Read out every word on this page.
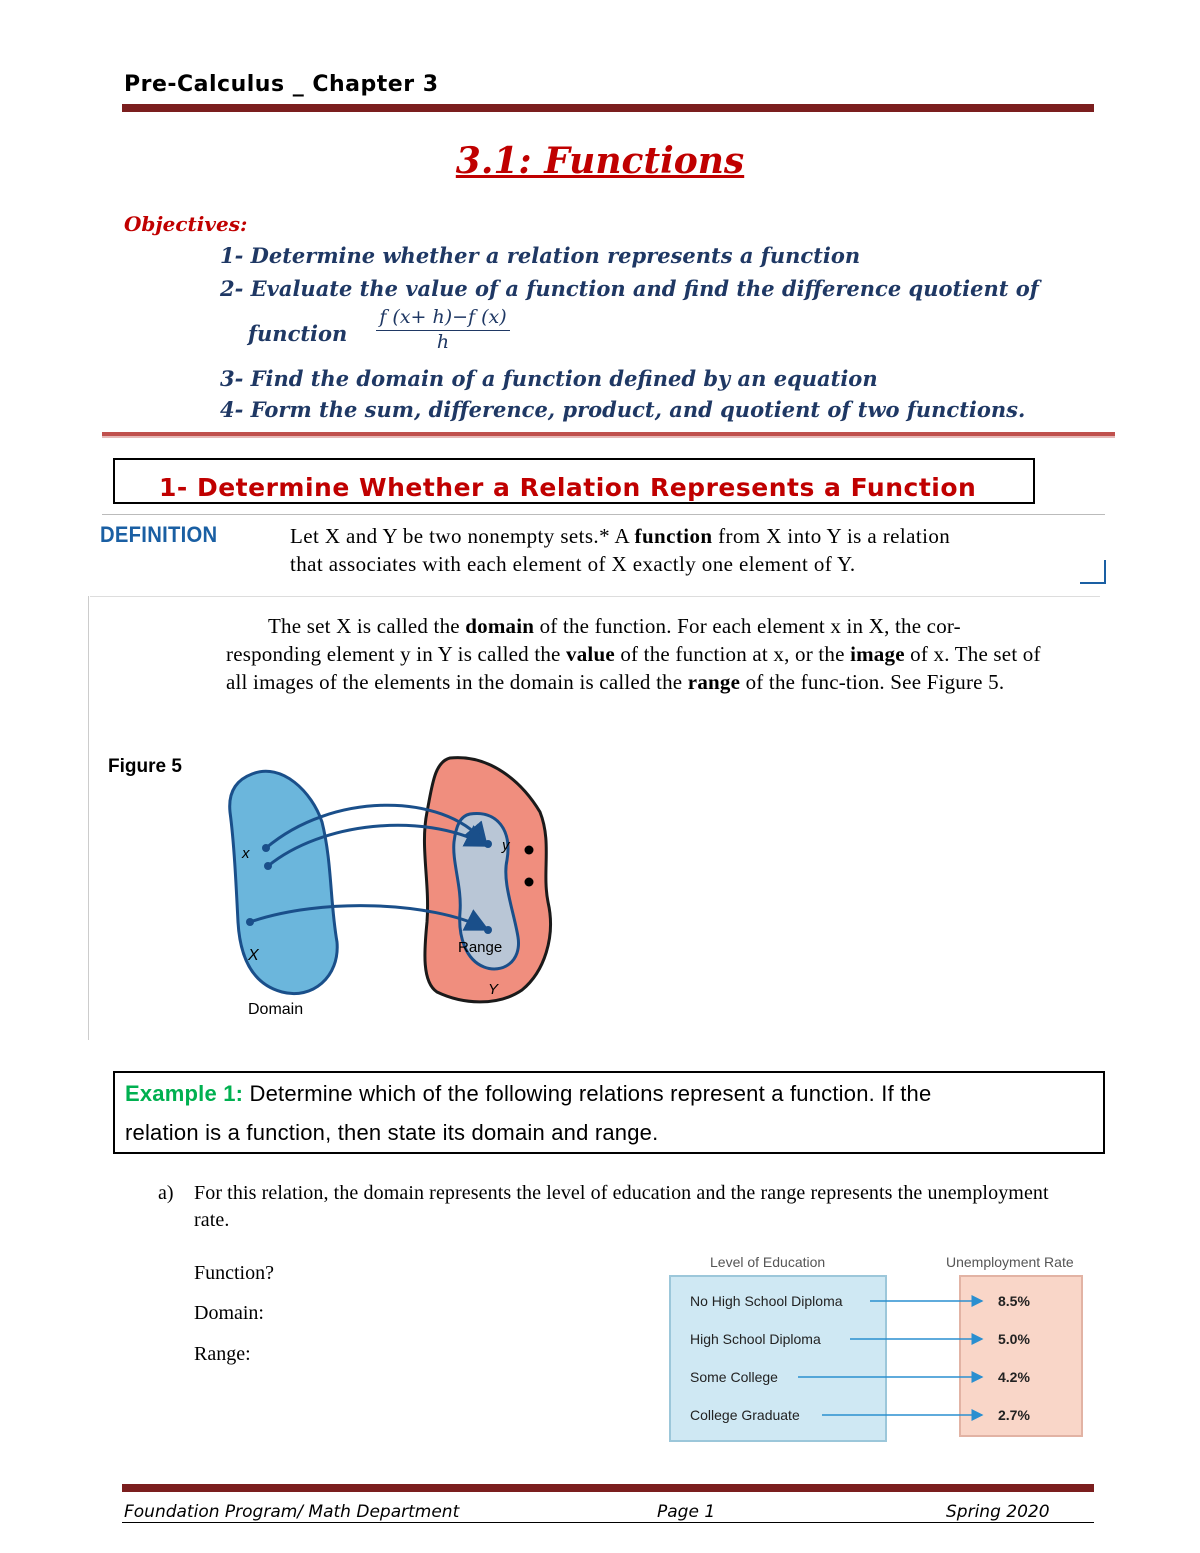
Pre-Calculus _ Chapter 3
3.1: Functions
Objectives:
1- Determine whether a relation represents a function
2- Evaluate the value of a function and find the difference quotient of
function $\frac{f (x+ h)-f (x)}{h}$
3- Find the domain of a function defined by an equation
4- Form the sum, difference, product, and quotient of two functions.
1- Determine Whether a Relation Represents a Function
DEFINITION	Let X and Y be two nonempty sets.* A function from X into Y is a relation
that associates with each element of X exactly one element of Y.
The set X is called the domain of the function. For each element x in X, the cor-responding element y in Y is called the value of the function at x, or the image of x. The set of all images of the elements in the domain is called the range of the func-tion. See Figure 5.
Figure 5
x
X
y
Range
Y
Domain
Example 1: Determine which of the following relations represent a function. If the
relation is a function, then state its domain and range.
a) For this relation, the domain represents the level of education and the range represents the unemployment rate.
Function?
Domain:
Range:
Level of Education	Unemployment Rate
No High School Diploma	8.5%
High School Diploma	5.0%
Some College	4.2%
College Graduate	2.7%
Foundation Program/ Math Department	Page 1	Spring 2020
